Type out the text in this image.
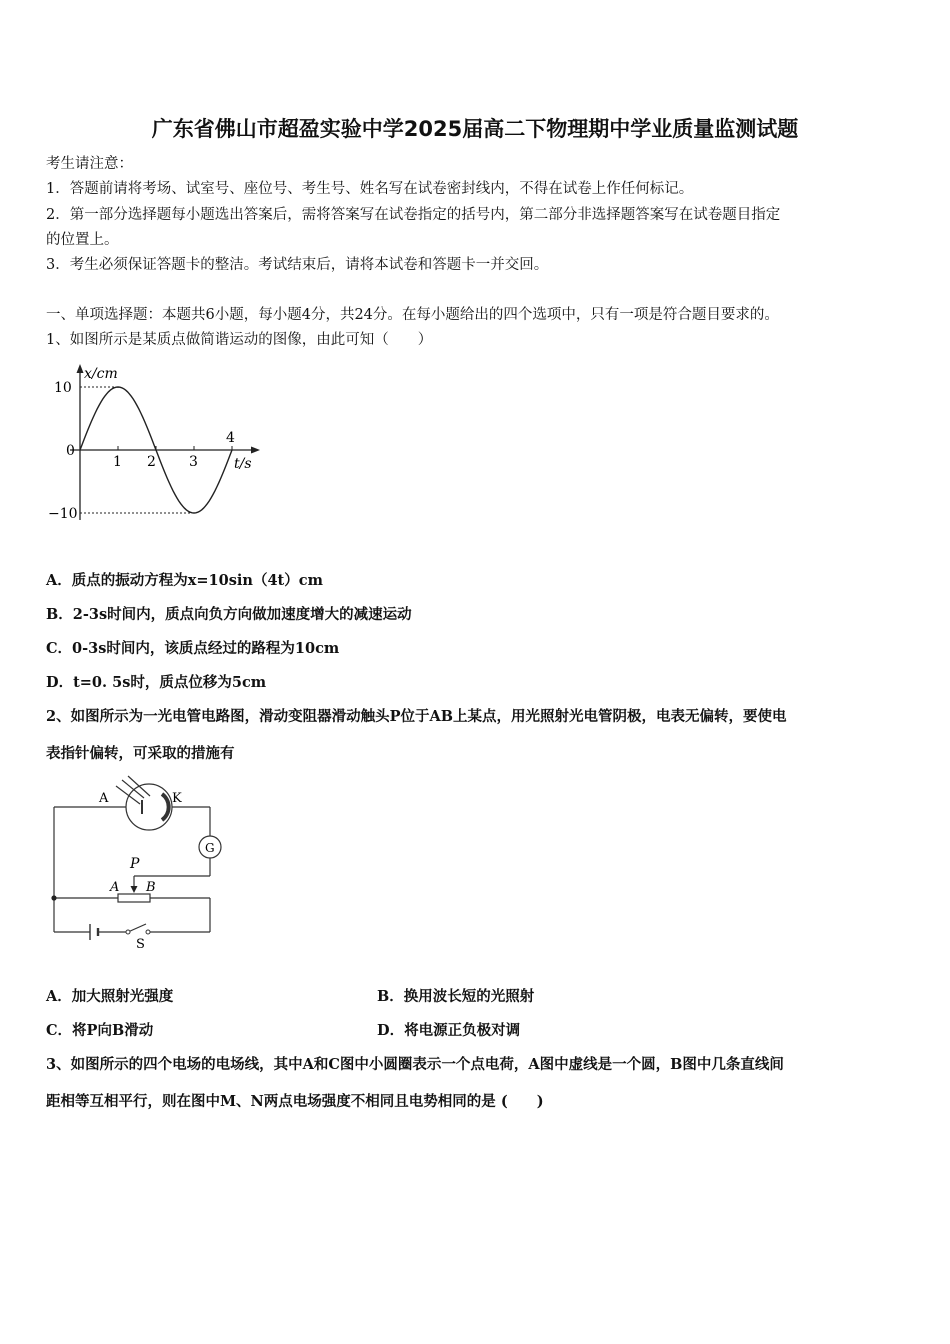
广东省佛山市超盈实验中学2025届高二下物理期中学业质量监测试题
考生请注意：
1．答题前请将考场、试室号、座位号、考生号、姓名写在试卷密封线内，不得在试卷上作任何标记。
2．第一部分选择题每小题选出答案后，需将答案写在试卷指定的括号内，第二部分非选择题答案写在试卷题目指定
的位置上。
3．考生必须保证答题卡的整洁。考试结束后，请将本试卷和答题卡一并交回。
一、单项选择题：本题共6小题，每小题4分，共24分。在每小题给出的四个选项中，只有一项是符合题目要求的。
1、如图所示是某质点做简谐运动的图像，由此可知（　　）
x/cm
10
0
−10
1 2 3
4
t/s
A．质点的振动方程为x=10sin（4t）cm
B．2-3s时间内，质点向负方向做加速度增大的减速运动
C．0-3s时间内，该质点经过的路程为10cm
D．t=0. 5s时，质点位移为5cm
2、如图所示为一光电管电路图，滑动变阻器滑动触头P位于AB上某点，用光照射光电管阴极，电表无偏转，要使电
表指针偏转，可采取的措施有
A	K
G
P
A B
S
A．加大照射光强度	B．换用波长短的光照射
C．将P向B滑动	D．将电源正负极对调
3、如图所示的四个电场的电场线，其中A和C图中小圆圈表示一个点电荷，A图中虚线是一个圆，B图中几条直线间
距相等互相平行，则在图中M、N两点电场强度不相同且电势相同的是 (　　)
